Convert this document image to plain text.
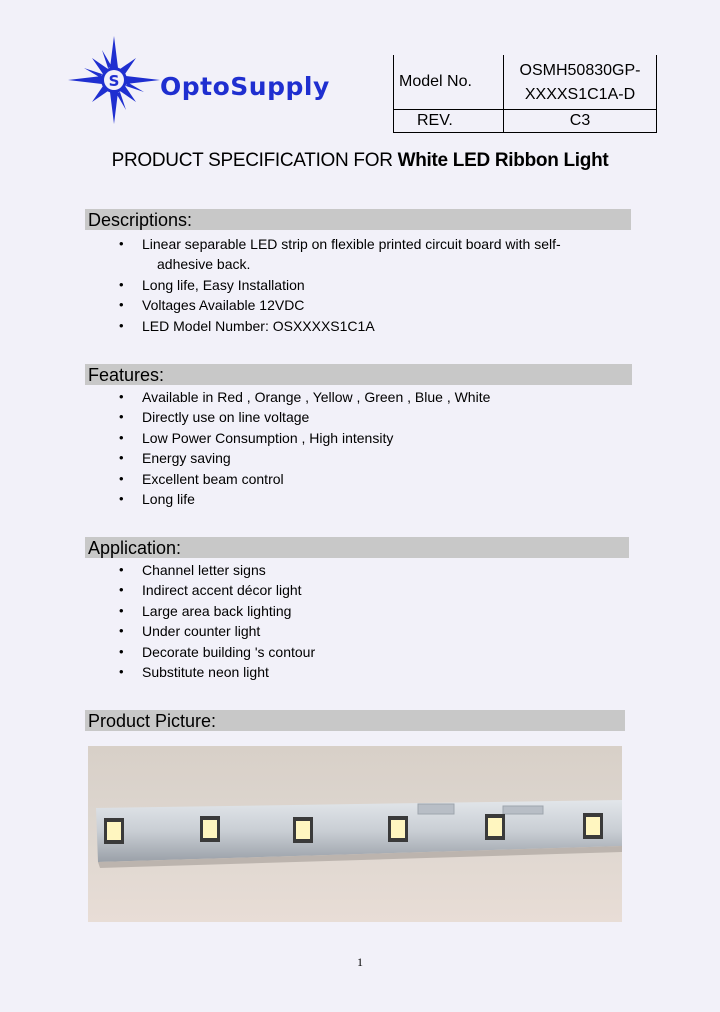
S OptoSupply	Model No.	OSMH50830GP-
XXXXS1C1A-D
REV.	C3
PRODUCT SPECIFICATION FOR White LED Ribbon Light
Descriptions:
• Linear separable LED strip on flexible printed circuit board with self-
adhesive back.
• Long life, Easy Installation
• Voltages Available 12VDC
• LED Model Number: OSXXXXS1C1A
Features:
• Available in Red , Orange , Yellow , Green , Blue , White
• Directly use on line voltage
• Low Power Consumption , High intensity
• Energy saving
• Excellent beam control
• Long life
Application:
• Channel letter signs
• Indirect accent décor light
• Large area back lighting
• Under counter light
• Decorate building 's contour
• Substitute neon light
Product Picture:
1
